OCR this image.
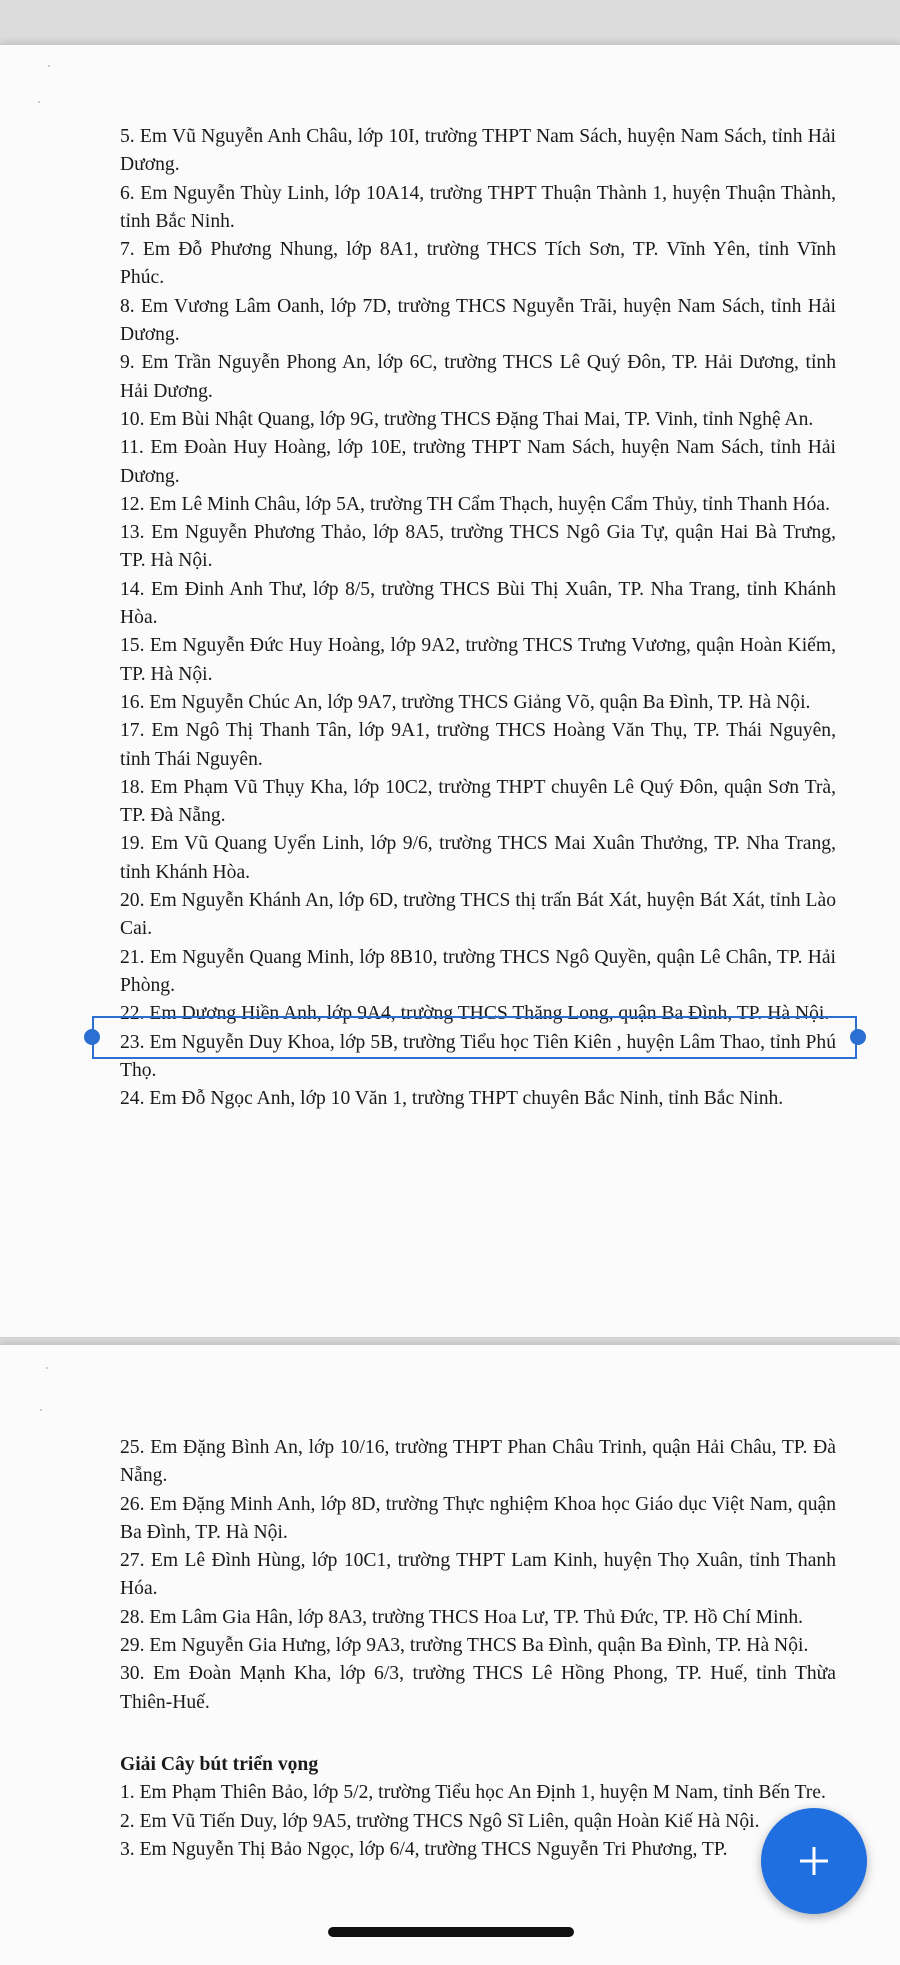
5. Em Vũ Nguyễn Anh Châu, lớp 10I, trường THPT Nam Sách, huyện Nam Sách, tỉnh Hải Dương.

6. Em Nguyễn Thùy Linh, lớp 10A14, trường THPT Thuận Thành 1, huyện Thuận Thành, tỉnh Bắc Ninh.

7. Em Đỗ Phương Nhung, lớp 8A1, trường THCS Tích Sơn, TP. Vĩnh Yên, tỉnh Vĩnh Phúc.

8. Em Vương Lâm Oanh, lớp 7D, trường THCS Nguyễn Trãi, huyện Nam Sách, tỉnh Hải Dương.

9. Em Trần Nguyễn Phong An, lớp 6C, trường THCS Lê Quý Đôn, TP. Hải Dương, tỉnh Hải Dương.

10. Em Bùi Nhật Quang, lớp 9G, trường THCS Đặng Thai Mai, TP. Vinh, tỉnh Nghệ An.

11. Em Đoàn Huy Hoàng, lớp 10E, trường THPT Nam Sách, huyện Nam Sách, tỉnh Hải Dương.

12. Em Lê Minh Châu, lớp 5A, trường TH Cẩm Thạch, huyện Cẩm Thủy, tỉnh Thanh Hóa.

13. Em Nguyễn Phương Thảo, lớp 8A5, trường THCS Ngô Gia Tự, quận Hai Bà Trưng, TP. Hà Nội.

14. Em Đinh Anh Thư, lớp 8/5, trường THCS Bùi Thị Xuân, TP. Nha Trang, tỉnh Khánh Hòa.

15. Em Nguyễn Đức Huy Hoàng, lớp 9A2, trường THCS Trưng Vương, quận Hoàn Kiếm, TP. Hà Nội.

16. Em Nguyễn Chúc An, lớp 9A7, trường THCS Giảng Võ, quận Ba Đình, TP. Hà Nội.

17. Em Ngô Thị Thanh Tân, lớp 9A1, trường THCS Hoàng Văn Thụ, TP. Thái Nguyên, tỉnh Thái Nguyên.

18. Em Phạm Vũ Thụy Kha, lớp 10C2, trường THPT chuyên Lê Quý Đôn, quận Sơn Trà, TP. Đà Nẵng.

19. Em Vũ Quang Uyển Linh, lớp 9/6, trường THCS Mai Xuân Thưởng, TP. Nha Trang, tỉnh Khánh Hòa.

20. Em Nguyễn Khánh An, lớp 6D, trường THCS thị trấn Bát Xát, huyện Bát Xát, tỉnh Lào Cai.

21. Em Nguyễn Quang Minh, lớp 8B10, trường THCS Ngô Quyền, quận Lê Chân, TP. Hải Phòng.

22. Em Dương Hiền Anh, lớp 9A4, trường THCS Thăng Long, quận Ba Đình, TP. Hà Nội.

23. Em Nguyễn Duy Khoa, lớp 5B, trường Tiểu học Tiên Kiên , huyện Lâm Thao, tỉnh Phú Thọ.

24. Em Đỗ Ngọc Anh, lớp 10 Văn 1, trường THPT chuyên Bắc Ninh, tỉnh Bắc Ninh.

25. Em Đặng Bình An, lớp 10/16, trường THPT Phan Châu Trinh, quận Hải Châu, TP. Đà Nẵng.

26. Em Đặng Minh Anh, lớp 8D, trường Thực nghiệm Khoa học Giáo dục Việt Nam, quận Ba Đình, TP. Hà Nội.

27. Em Lê Đình Hùng, lớp 10C1, trường THPT Lam Kinh, huyện Thọ Xuân, tỉnh Thanh Hóa.

28. Em Lâm Gia Hân, lớp 8A3, trường THCS Hoa Lư, TP. Thủ Đức, TP. Hồ Chí Minh.

29. Em Nguyễn Gia Hưng, lớp 9A3, trường THCS Ba Đình, quận Ba Đình, TP. Hà Nội.

30. Em Đoàn Mạnh Kha, lớp 6/3, trường THCS Lê Hồng Phong, TP. Huế, tỉnh Thừa Thiên-Huế.

Giải Cây bút triển vọng

1. Em Phạm Thiên Bảo, lớp 5/2, trường Tiểu học An Định 1, huyện M Nam, tỉnh Bến Tre.

2. Em Vũ Tiến Duy, lớp 9A5, trường THCS Ngô Sĩ Liên, quận Hoàn Kiế Hà Nội.

3. Em Nguyễn Thị Bảo Ngọc, lớp 6/4, trường THCS Nguyễn Tri Phương, TP.
